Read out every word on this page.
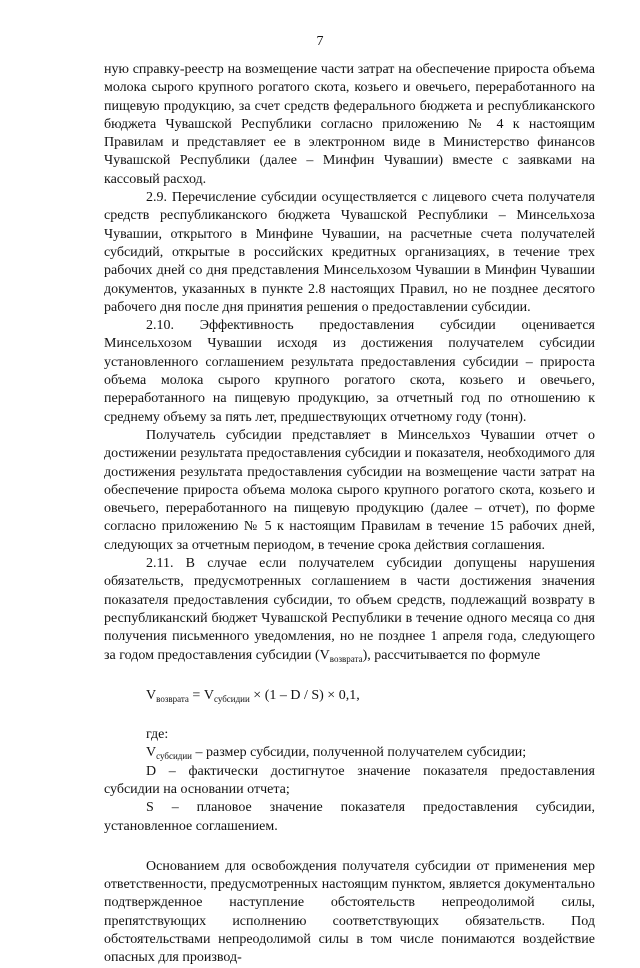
7

ную справку-реестр на возмещение части затрат на обеспечение прироста объема молока сырого крупного рогатого скота, козьего и овечьего, переработанного на пищевую продукцию, за счет средств федерального бюджета и республиканского бюджета Чувашской Республики согласно приложению № 4 к настоящим Правилам и представляет ее в электронном виде в Министерство финансов Чувашской Республики (далее – Минфин Чувашии) вместе с заявками на кассовый расход.

2.9. Перечисление субсидии осуществляется с лицевого счета получателя средств республиканского бюджета Чувашской Республики – Минсельхоза Чувашии, открытого в Минфине Чувашии, на расчетные счета получателей субсидий, открытые в российских кредитных организациях, в течение трех рабочих дней со дня представления Минсельхозом Чувашии в Минфин Чувашии документов, указанных в пункте 2.8 настоящих Правил, но не позднее десятого рабочего дня после дня принятия решения о предоставлении субсидии.

2.10. Эффективность предоставления субсидии оценивается Минсельхозом Чувашии исходя из достижения получателем субсидии установленного соглашением результата предоставления субсидии – прироста объема молока сырого крупного рогатого скота, козьего и овечьего, переработанного на пищевую продукцию, за отчетный год по отношению к среднему объему за пять лет, предшествующих отчетному году (тонн).

Получатель субсидии представляет в Минсельхоз Чувашии отчет о достижении результата предоставления субсидии и показателя, необходимого для достижения результата предоставления субсидии на возмещение части затрат на обеспечение прироста объема молока сырого крупного рогатого скота, козьего и овечьего, переработанного на пищевую продукцию (далее – отчет), по форме согласно приложению № 5 к настоящим Правилам в течение 15 рабочих дней, следующих за отчетным периодом, в течение срока действия соглашения.

2.11. В случае если получателем субсидии допущены нарушения обязательств, предусмотренных соглашением в части достижения значения показателя предоставления субсидии, то объем средств, подлежащий возврату в республиканский бюджет Чувашской Республики в течение одного месяца со дня получения письменного уведомления, но не позднее 1 апреля года, следующего за годом предоставления субсидии $(V_{возврата})$, рассчитывается по формуле

$V_{возврата} = V_{субсидии} \times (1 - D / S) \times 0,1$,

где:

$V_{субсидии}$ – размер субсидии, полученной получателем субсидии;

D – фактически достигнутое значение показателя предоставления субсидии на основании отчета;

S – плановое значение показателя предоставления субсидии, установленное соглашением.

Основанием для освобождения получателя субсидии от применения мер ответственности, предусмотренных настоящим пунктом, является документально подтвержденное наступление обстоятельств непреодолимой силы, препятствующих исполнению соответствующих обязательств. Под обстоятельствами непреодолимой силы в том числе понимаются воздействие опасных для производ-
